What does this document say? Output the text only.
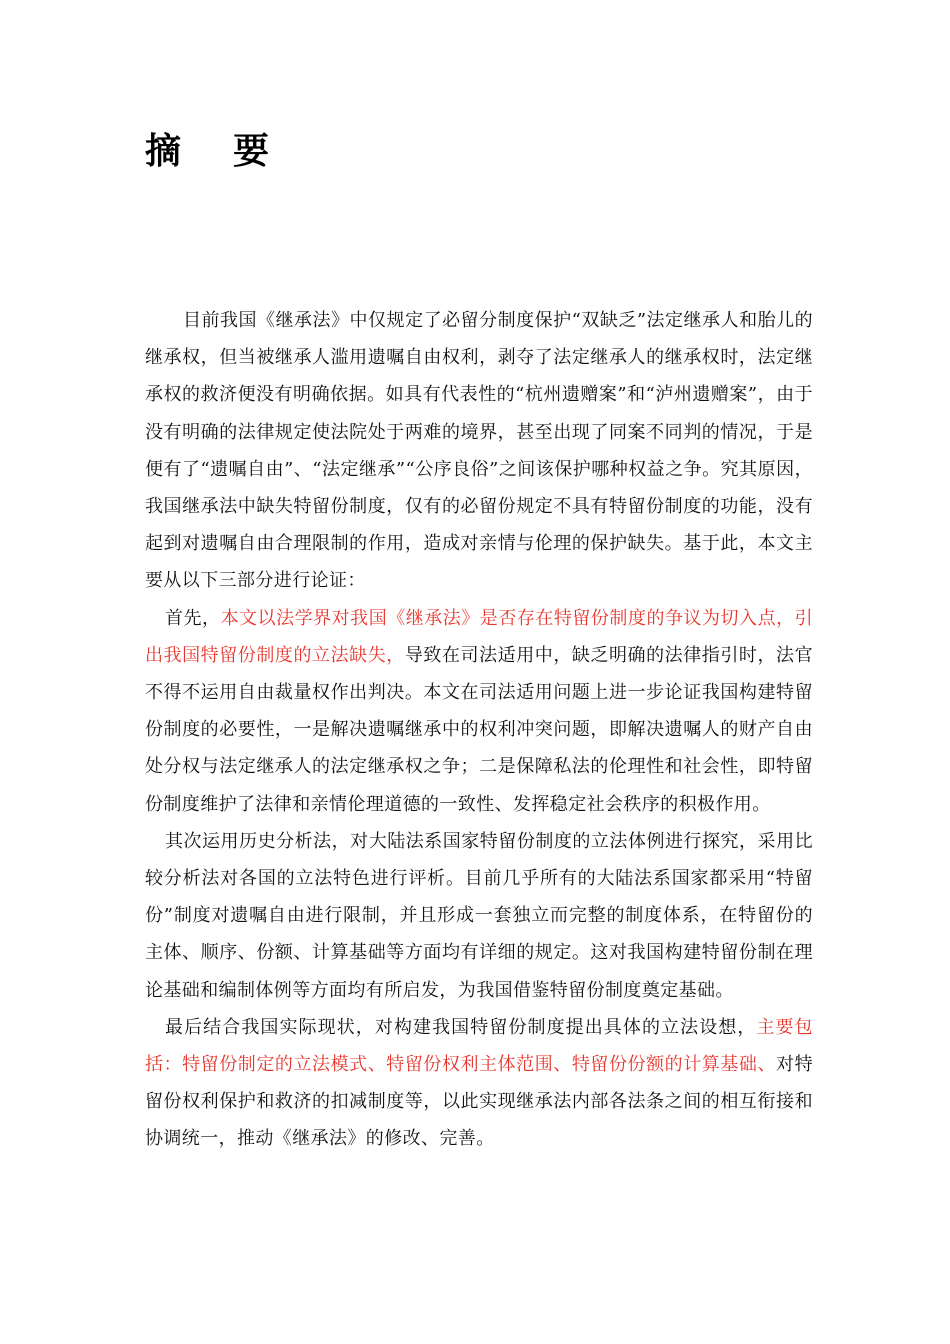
摘 要

目前我国《继承法》中仅规定了必留分制度保护“双缺乏”法定继承人和胎儿的继承权，但当被继承人滥用遗嘱自由权利，剥夺了法定继承人的继承权时，法定继承权的救济便没有明确依据。如具有代表性的“杭州遗赠案”和“泸州遗赠案”，由于没有明确的法律规定使法院处于两难的境界，甚至出现了同案不同判的情况，于是便有了“遗嘱自由”、“法定继承”“公序良俗”之间该保护哪种权益之争。究其原因，我国继承法中缺失特留份制度，仅有的必留份规定不具有特留份制度的功能，没有起到对遗嘱自由合理限制的作用，造成对亲情与伦理的保护缺失。基于此，本文主要从以下三部分进行论证：

首先，本文以法学界对我国《继承法》是否存在特留份制度的争议为切入点，引出我国特留份制度的立法缺失，导致在司法适用中，缺乏明确的法律指引时，法官不得不运用自由裁量权作出判决。本文在司法适用问题上进一步论证我国构建特留份制度的必要性，一是解决遗嘱继承中的权利冲突问题，即解决遗嘱人的财产自由处分权与法定继承人的法定继承权之争；二是保障私法的伦理性和社会性，即特留份制度维护了法律和亲情伦理道德的一致性、发挥稳定社会秩序的积极作用。

其次运用历史分析法，对大陆法系国家特留份制度的立法体例进行探究，采用比较分析法对各国的立法特色进行评析。目前几乎所有的大陆法系国家都采用“特留份”制度对遗嘱自由进行限制，并且形成一套独立而完整的制度体系，在特留份的主体、顺序、份额、计算基础等方面均有详细的规定。这对我国构建特留份制在理论基础和编制体例等方面均有所启发，为我国借鉴特留份制度奠定基础。

最后结合我国实际现状，对构建我国特留份制度提出具体的立法设想，主要包括：特留份制定的立法模式、特留份权利主体范围、特留份份额的计算基础、对特留份权利保护和救济的扣减制度等，以此实现继承法内部各法条之间的相互衔接和协调统一，推动《继承法》的修改、完善。
